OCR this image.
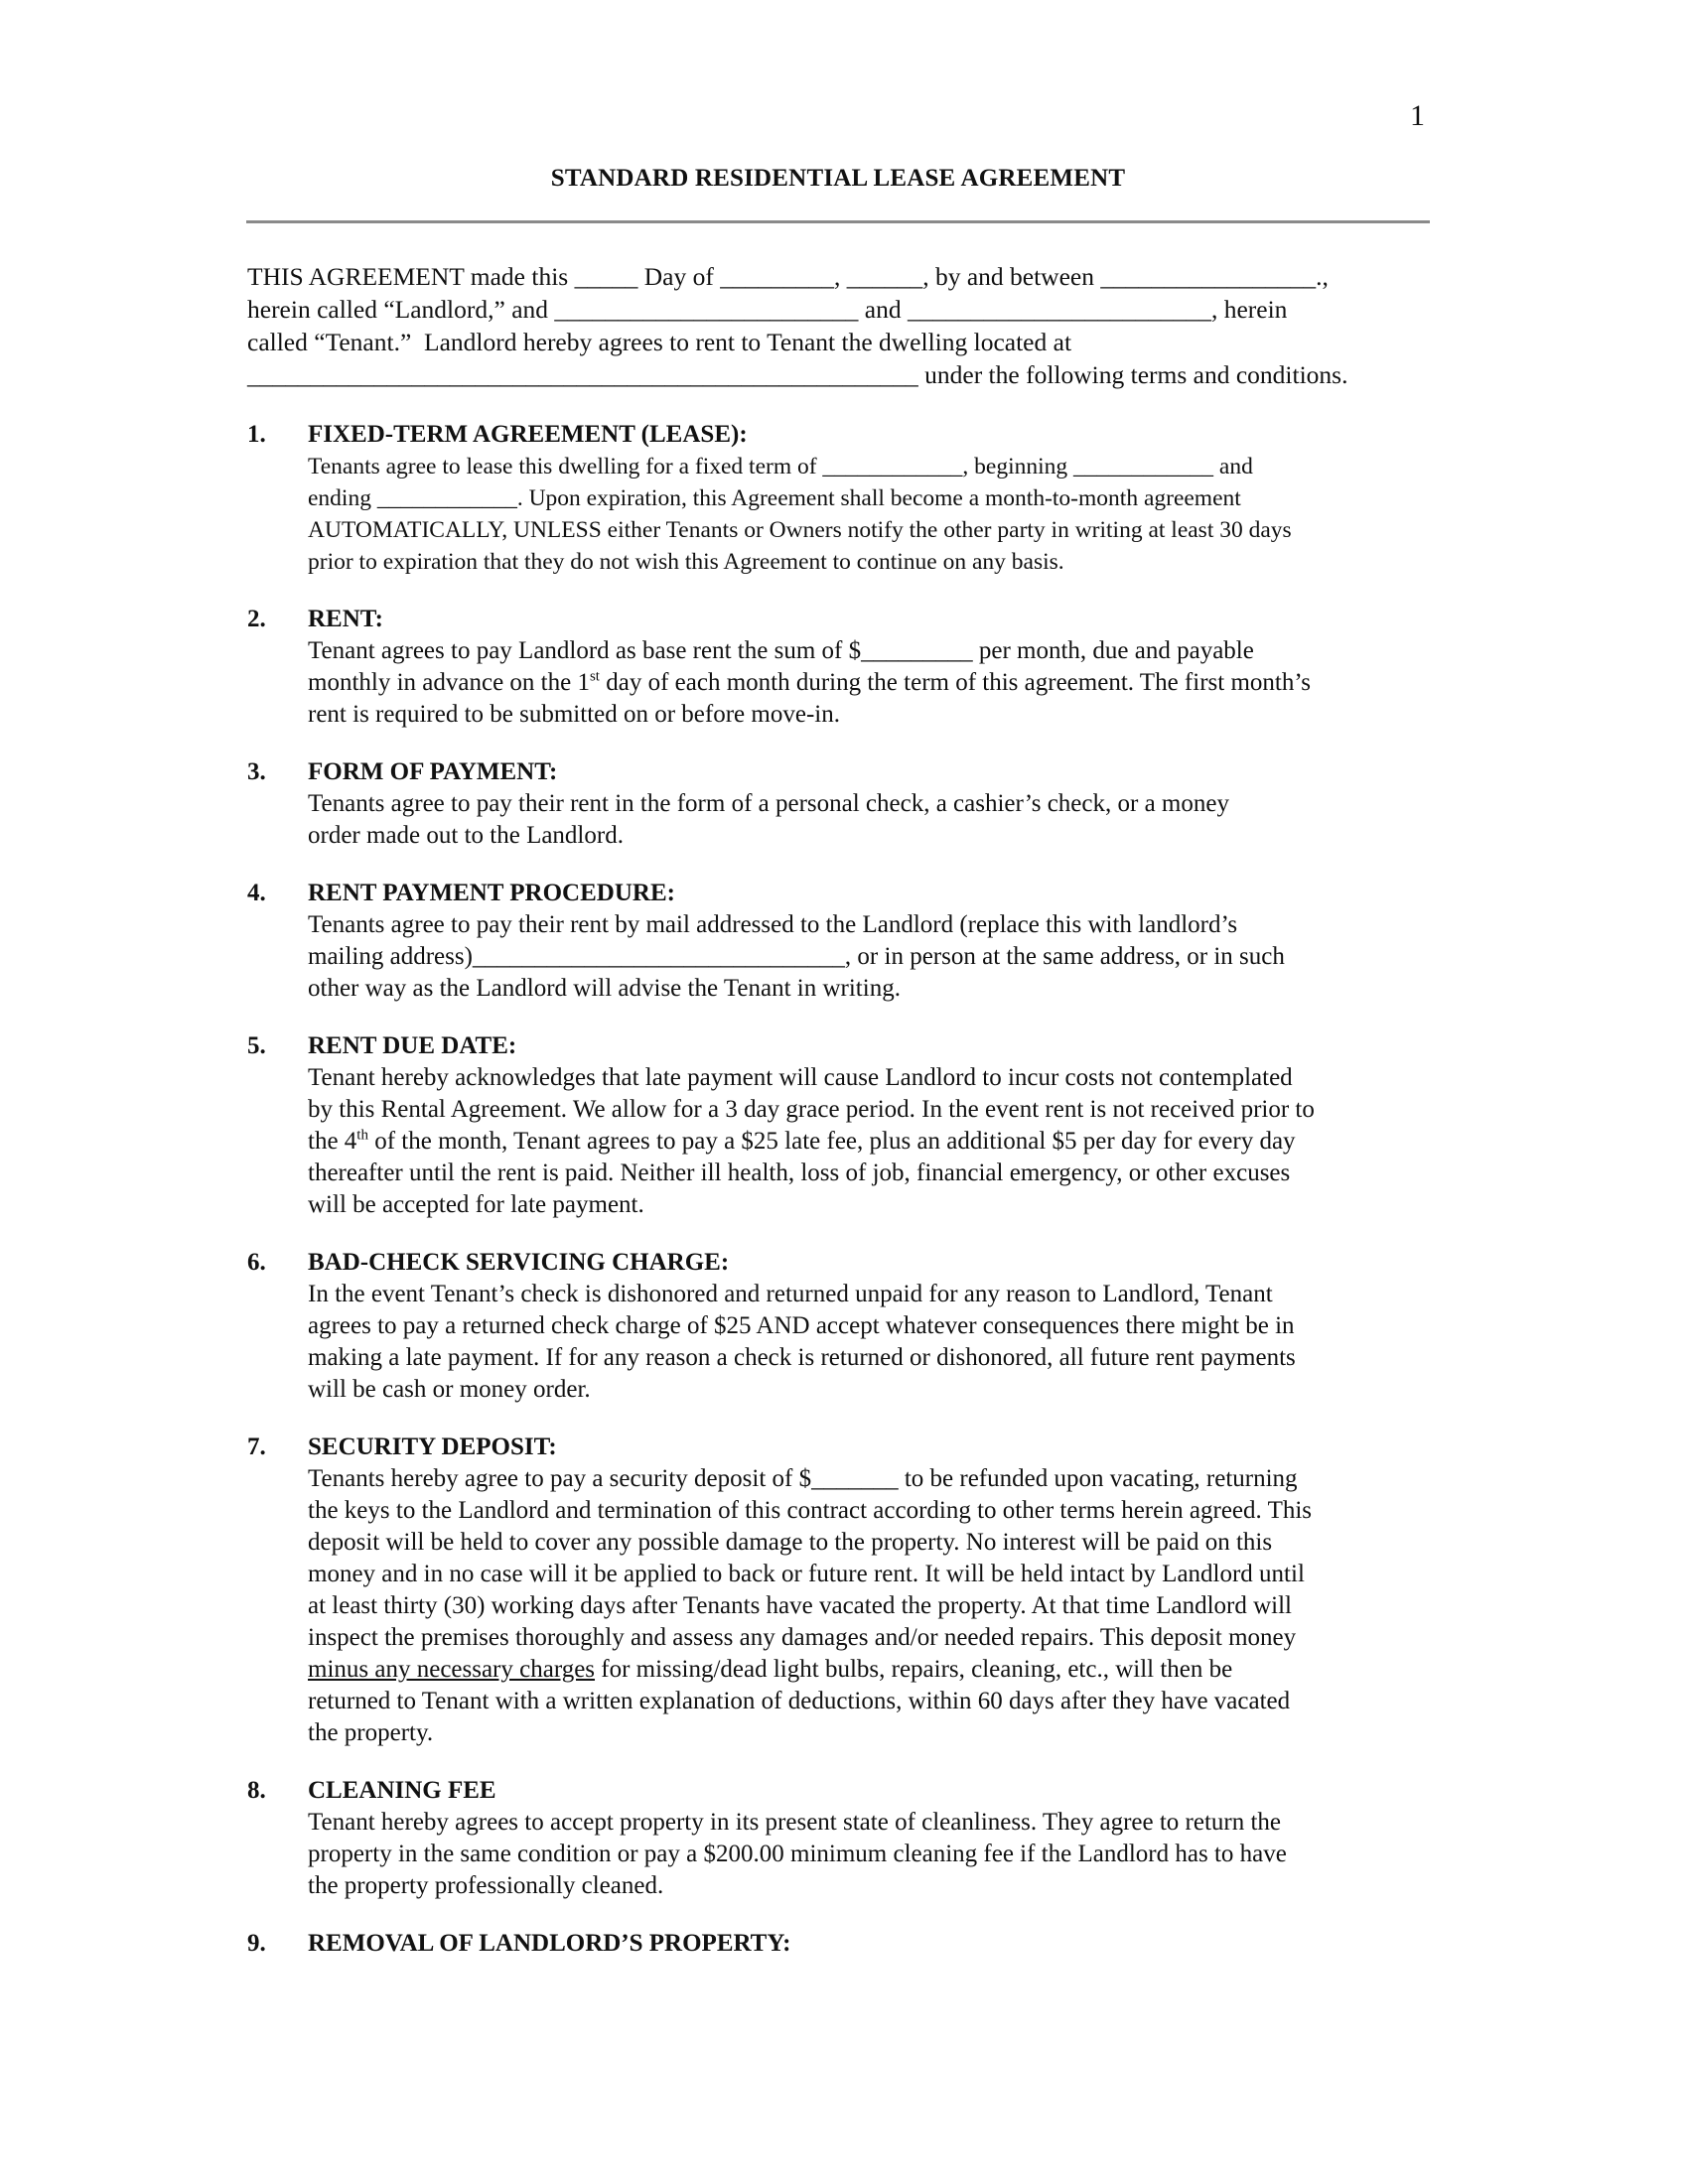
1
STANDARD RESIDENTIAL LEASE AGREEMENT
THIS AGREEMENT made this _____ Day of _________, ______, by and between _________________.,
herein called “Landlord,” and ________________________ and ________________________, herein
called “Tenant.”  Landlord hereby agrees to rent to Tenant the dwelling located at
_____________________________________________________ under the following terms and conditions.
1. FIXED-TERM AGREEMENT (LEASE):
Tenants agree to lease this dwelling for a fixed term of ____________, beginning ____________ and
ending ____________. Upon expiration, this Agreement shall become a month-to-month agreement
AUTOMATICALLY, UNLESS either Tenants or Owners notify the other party in writing at least 30 days
prior to expiration that they do not wish this Agreement to continue on any basis.
2. RENT:
Tenant agrees to pay Landlord as base rent the sum of $_________ per month, due and payable
monthly in advance on the 1st day of each month during the term of this agreement. The first month’s
rent is required to be submitted on or before move-in.
3. FORM OF PAYMENT:
Tenants agree to pay their rent in the form of a personal check, a cashier’s check, or a money
order made out to the Landlord.
4. RENT PAYMENT PROCEDURE:
Tenants agree to pay their rent by mail addressed to the Landlord (replace this with landlord’s
mailing address)______________________________, or in person at the same address, or in such
other way as the Landlord will advise the Tenant in writing.
5. RENT DUE DATE:
Tenant hereby acknowledges that late payment will cause Landlord to incur costs not contemplated
by this Rental Agreement. We allow for a 3 day grace period. In the event rent is not received prior to
the 4th of the month, Tenant agrees to pay a $25 late fee, plus an additional $5 per day for every day
thereafter until the rent is paid. Neither ill health, loss of job, financial emergency, or other excuses
will be accepted for late payment.
6. BAD-CHECK SERVICING CHARGE:
In the event Tenant’s check is dishonored and returned unpaid for any reason to Landlord, Tenant
agrees to pay a returned check charge of $25 AND accept whatever consequences there might be in
making a late payment. If for any reason a check is returned or dishonored, all future rent payments
will be cash or money order.
7. SECURITY DEPOSIT:
Tenants hereby agree to pay a security deposit of $_______ to be refunded upon vacating, returning
the keys to the Landlord and termination of this contract according to other terms herein agreed. This
deposit will be held to cover any possible damage to the property. No interest will be paid on this
money and in no case will it be applied to back or future rent. It will be held intact by Landlord until
at least thirty (30) working days after Tenants have vacated the property. At that time Landlord will
inspect the premises thoroughly and assess any damages and/or needed repairs. This deposit money
minus any necessary charges for missing/dead light bulbs, repairs, cleaning, etc., will then be
returned to Tenant with a written explanation of deductions, within 60 days after they have vacated
the property.
8. CLEANING FEE
Tenant hereby agrees to accept property in its present state of cleanliness. They agree to return the
property in the same condition or pay a $200.00 minimum cleaning fee if the Landlord has to have
the property professionally cleaned.
9. REMOVAL OF LANDLORD’S PROPERTY:
